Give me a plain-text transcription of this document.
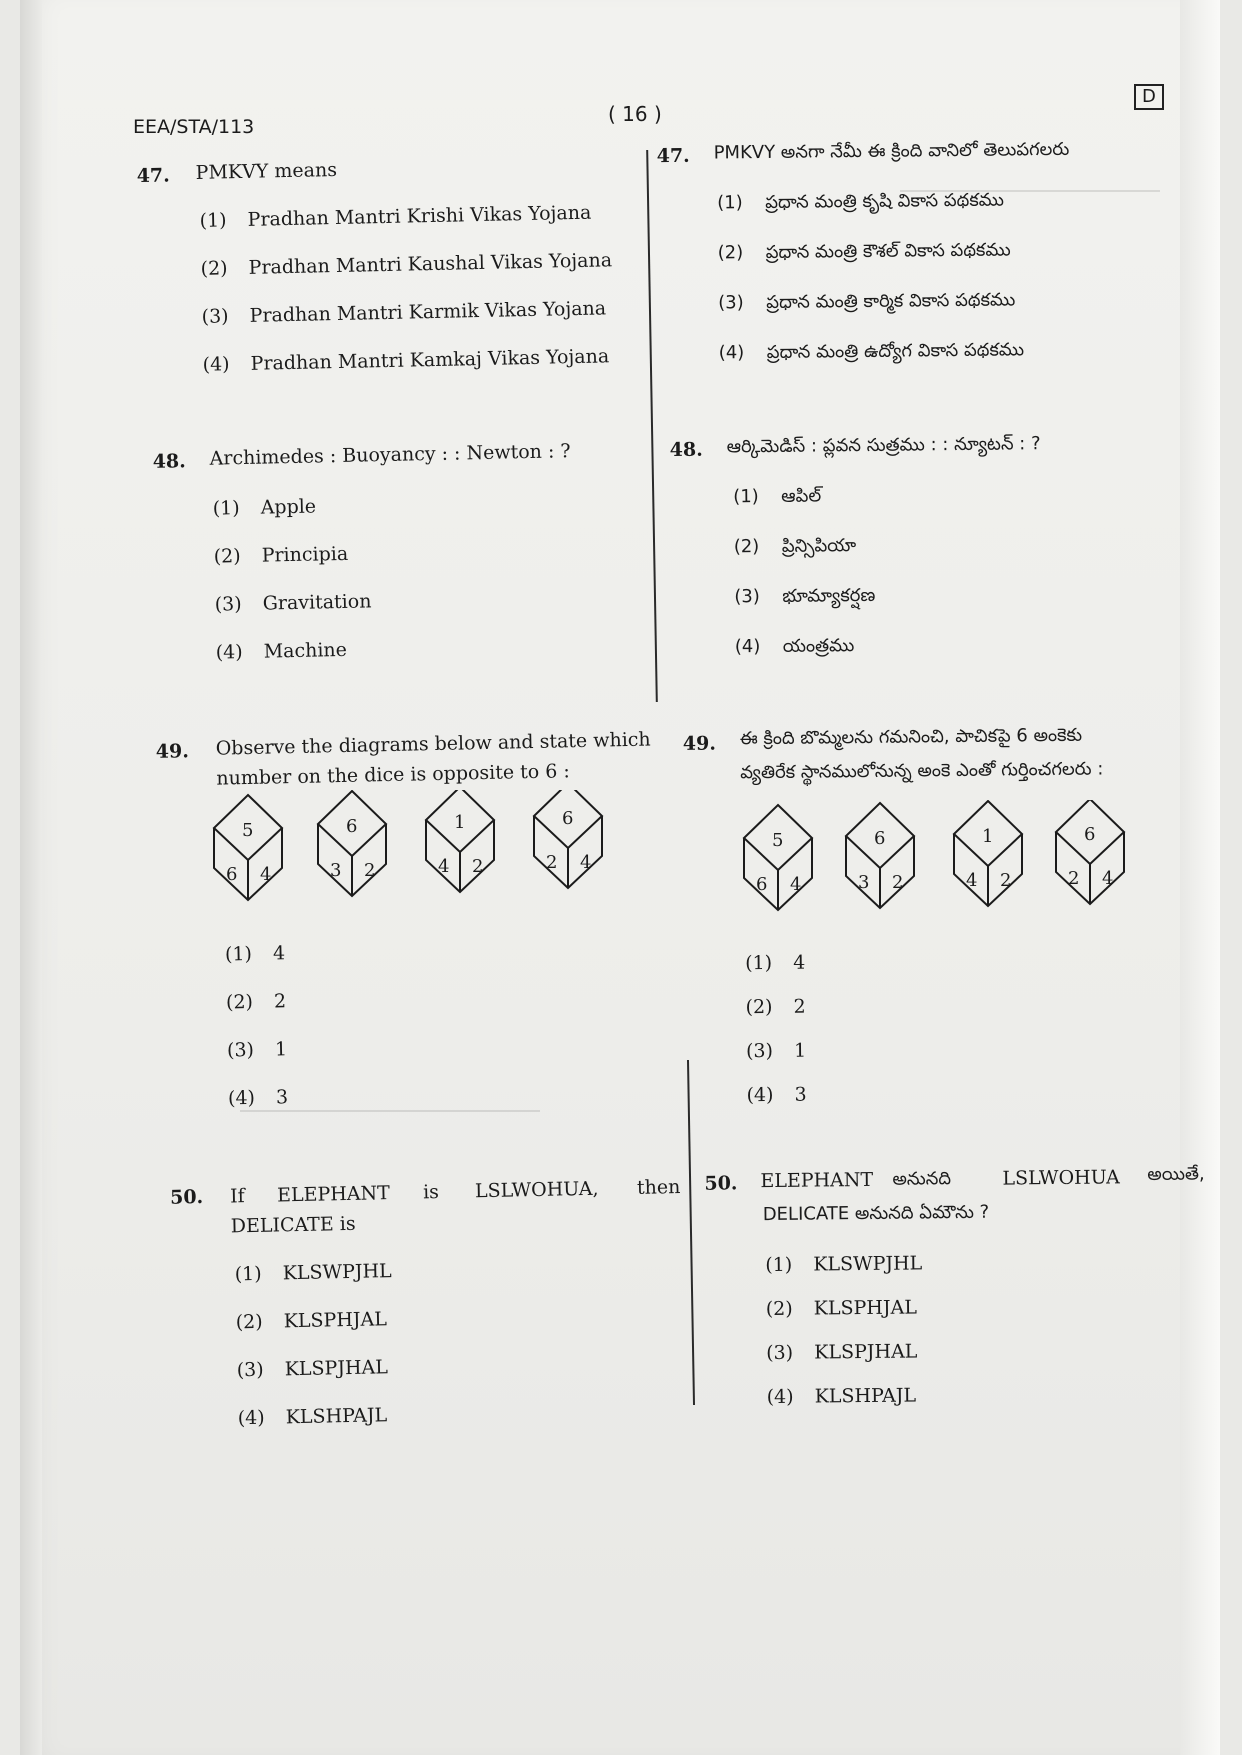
EEA/STA/113
( 16 )
D
47. PMKVY means
(1) Pradhan Mantri Krishi Vikas Yojana
(2) Pradhan Mantri Kaushal Vikas Yojana
(3) Pradhan Mantri Karmik Vikas Yojana
(4) Pradhan Mantri Kamkaj Vikas Yojana
48. Archimedes : Buoyancy : : Newton : ?
(1) Apple
(2) Principia
(3) Gravitation
(4) Machine
49. Observe the diagrams below and state which
number on the dice is opposite to 6 :
5
6 4
6
3 2
1
4 2
6
2 4
(1) 4
(2) 2
(3) 1
(4) 3
50. If ELEPHANT is LSLWOHUA, then
DELICATE is
(1) KLSWPJHL
(2) KLSPHJAL
(3) KLSPJHAL
(4) KLSHPAJL
47. PMKVY అనగా నేమీ ఈ క్రింది వానిలో తెలుపగలరు
(1) ప్రధాన మంత్రి కృషి వికాస పథకము
(2) ప్రధాన మంత్రి కౌశల్ వికాస పథకము
(3) ప్రధాన మంత్రి కార్మిక వికాస పథకము
(4) ప్రధాన మంత్రి ఉద్యోగ వికాస పథకము
48. ఆర్కిమెడిస్ : ప్లవన సుత్రము : : న్యూటన్ : ?
(1) ఆపిల్
(2) ప్రిన్సిపియా
(3) భూమ్యాకర్షణ
(4) యంత్రము
49. ఈ క్రింది బొమ్మలను గమనించి, పాచికపై 6 అంకెకు
వ్యతిరేక స్థానములోనున్న అంకె ఎంతో గుర్తించగలరు :
5
6 4
6
3 2
1
4 2
6
2 4
(1) 4
(2) 2
(3) 1
(4) 3
50. ELEPHANT అనునది	LSLWOHUA అయితే,
DELICATE అనునది ఏమౌను ?
(1) KLSWPJHL
(2) KLSPHJAL
(3) KLSPJHAL
(4) KLSHPAJL
